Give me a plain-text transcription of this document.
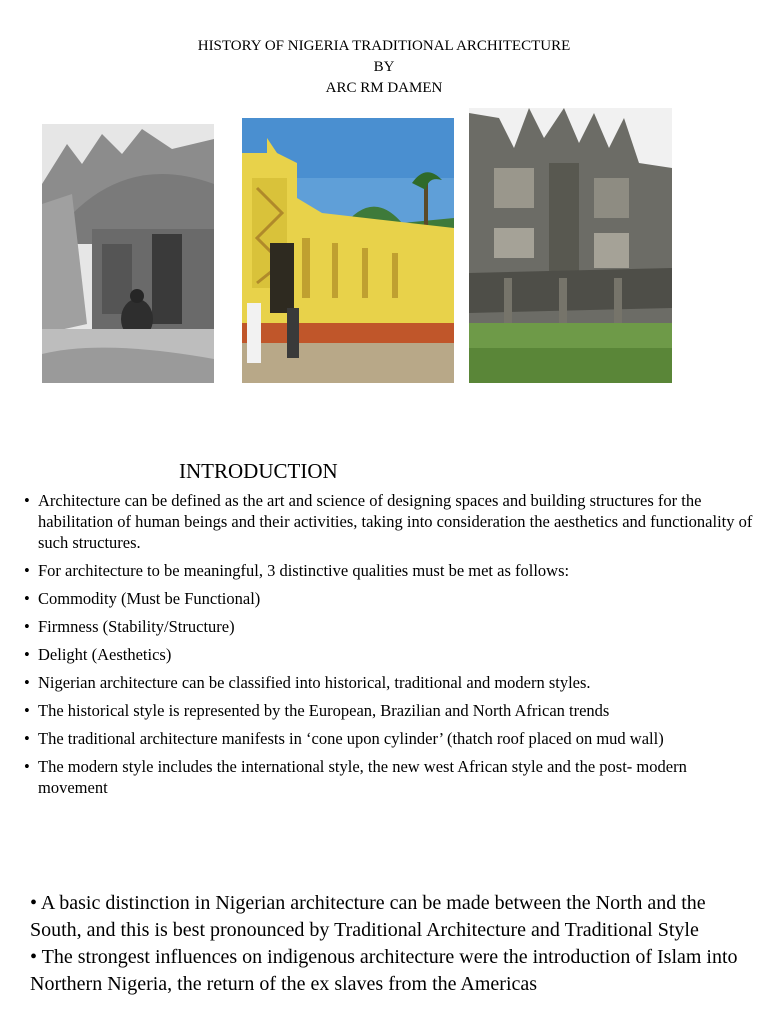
HISTORY OF NIGERIA TRADITIONAL ARCHITECTURE
BY
ARC RM DAMEN
INTRODUCTION
• Architecture can be defined as the art and science of designing spaces and building structures for the habilitation of human beings and their activities, taking into consideration the aesthetics and functionality of such structures.
• For architecture to be meaningful, 3 distinctive qualities must be met as follows:
• Commodity (Must be Functional)
• Firmness (Stability/Structure)
• Delight (Aesthetics)
• Nigerian architecture can be classified into historical, traditional and modern styles.
• The historical style is represented by the European, Brazilian and North African trends
• The traditional architecture manifests in ‘cone upon cylinder’ (thatch roof placed on mud wall)
• The modern style includes the international style, the new west African style and the post- modern movement

• A basic distinction in Nigerian architecture can be made between the North and the South, and this is best pronounced by Traditional Architecture and Traditional Style

• The strongest influences on indigenous architecture were the introduction of Islam into Northern Nigeria, the return of the ex slaves from the Americas
